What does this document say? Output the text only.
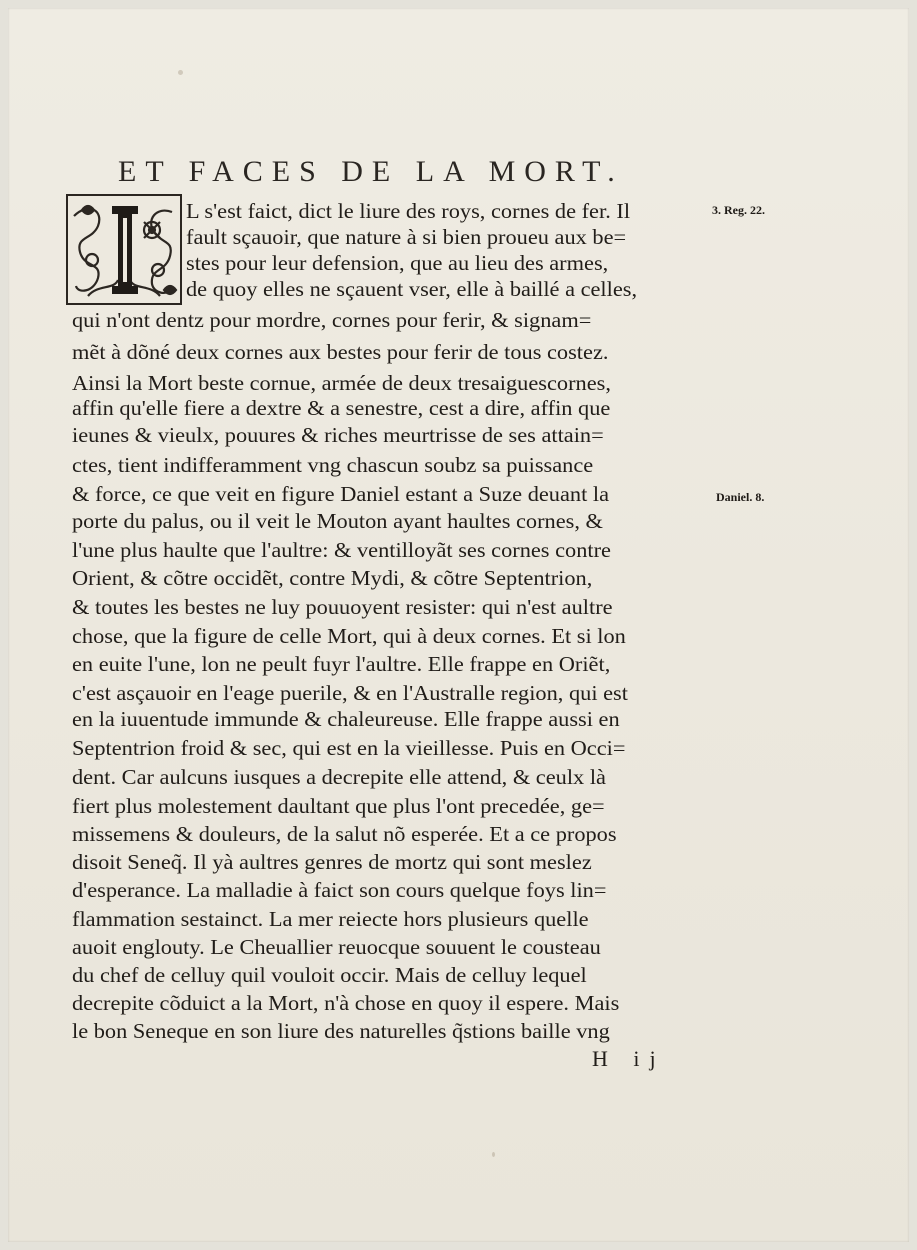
ET FACES DE LA MORT.
L s'est faict, dict le liure des roys, cornes de fer. Il
fault sçauoir, que nature à si bien proueu aux be=
stes pour leur defension, que au lieu des armes,
de quoy elles ne sçauent vser, elle à baillé a celles,
qui n'ont dentz pour mordre, cornes pour ferir, & signam=
mẽt à dõné deux cornes aux bestes pour ferir de tous costez.
Ainsi la Mort beste cornue, armée de deux tresaiguescornes,
affin qu'elle fiere a dextre & a senestre, cest a dire, affin que
ieunes & vieulx, pouures & riches meurtrisse de ses attain=
ctes, tient indifferamment vng chascun soubz sa puissance
& force, ce que veit en figure Daniel estant a Suze deuant la
porte du palus, ou il veit le Mouton ayant haultes cornes, &
l'une plus haulte que l'aultre: & ventilloyãt ses cornes contre
Orient, & cõtre occidẽt, contre Mydi, & cõtre Septentrion,
& toutes les bestes ne luy pouuoyent resister: qui n'est aultre
chose, que la figure de celle Mort, qui à deux cornes. Et si lon
en euite l'une, lon ne peult fuyr l'aultre. Elle frappe en Oriẽt,
c'est asçauoir en l'eage puerile, & en l'Australle region, qui est
en la iuuentude immunde & chaleureuse. Elle frappe aussi en
Septentrion froid & sec, qui est en la vieillesse. Puis en Occi=
dent. Car aulcuns iusques a decrepite elle attend, & ceulx là
fiert plus molestement daultant que plus l'ont precedée, ge=
missemens & douleurs, de la salut nõ esperée. Et a ce propos
disoit Seneq̃. Il yà aultres genres de mortz qui sont meslez
d'esperance. La malladie à faict son cours quelque foys lin=
flammation sestainct. La mer reiecte hors plusieurs quelle
auoit englouty. Le Cheuallier reuocque souuent le cousteau
du chef de celluy quil vouloit occir. Mais de celluy lequel
decrepite cõduict a la Mort, n'à chose en quoy il espere. Mais
le bon Seneque en son liure des naturelles q̃stions baille vng
3. Reg. 22.
Daniel. 8.
H ij
